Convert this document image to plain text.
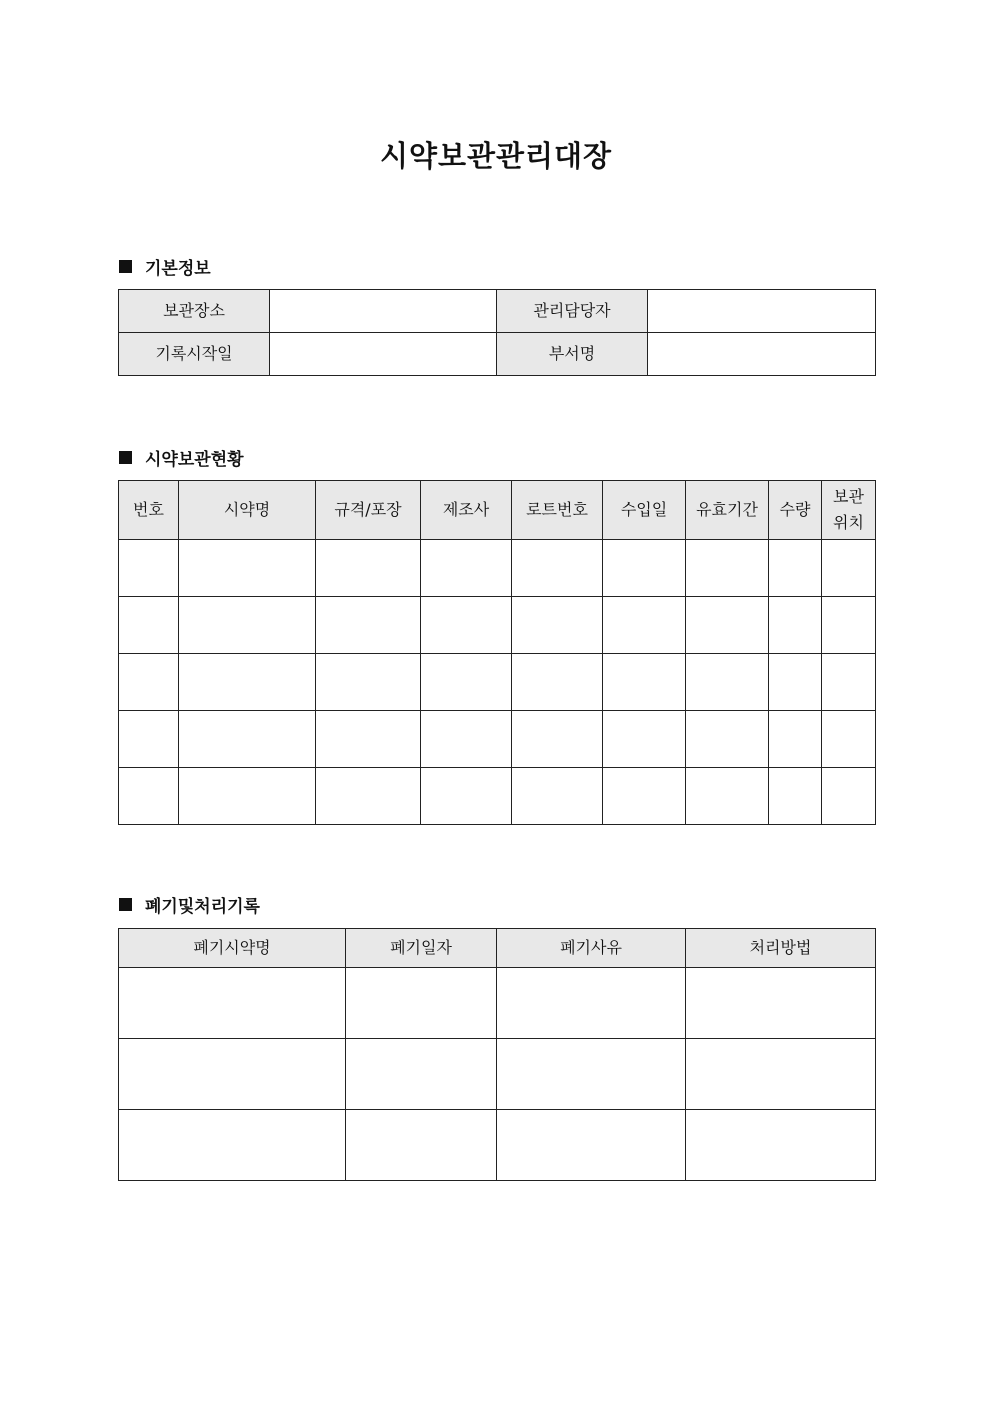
시약보관관리대장
기본정보
보관장소		관리담당자	
기록시작일		부서명	
시약보관현황
번호	시약명	규격/포장	제조사	로트번호	수입일	유효기간	수량	보관위치

폐기및처리기록
폐기시약명	폐기일자	폐기사유	처리방법
